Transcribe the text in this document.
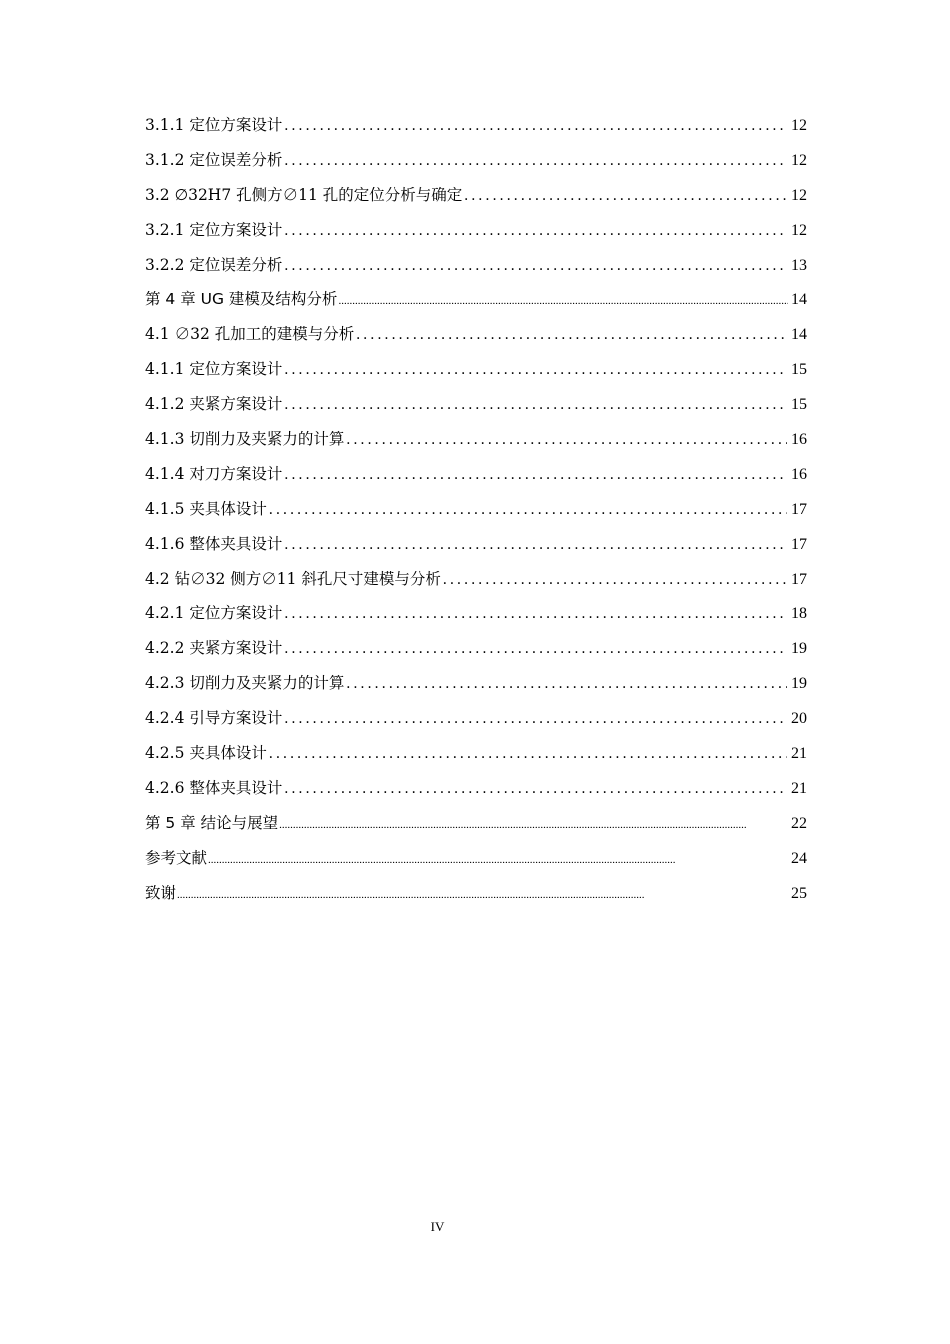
3.1.1 定位方案设计 .....	12
3.1.2 定位误差分析 .....	12
3.2 ∅32H7 孔侧方∅11 孔的定位分析与确定 .....	12
3.2.1 定位方案设计 .....	12
3.2.2 定位误差分析 .....	13
第 4 章 UG 建模及结构分析 .....	14
4.1 ∅32 孔加工的建模与分析 .....	14
4.1.1 定位方案设计 .....	15
4.1.2 夹紧方案设计 .....	15
4.1.3 切削力及夹紧力的计算 .....	16
4.1.4 对刀方案设计 .....	16
4.1.5 夹具体设计 .....	17
4.1.6 整体夹具设计 .....	17
4.2 钻∅32 侧方∅11 斜孔尺寸建模与分析 .....	17
4.2.1 定位方案设计 .....	18
4.2.2 夹紧方案设计 .....	19
4.2.3 切削力及夹紧力的计算 .....	19
4.2.4 引导方案设计 .....	20
4.2.5 夹具体设计 .....	21
4.2.6 整体夹具设计 .....	21
第 5 章 结论与展望 .....	22
参考文献 .....	24
致谢 .....	25
IV
